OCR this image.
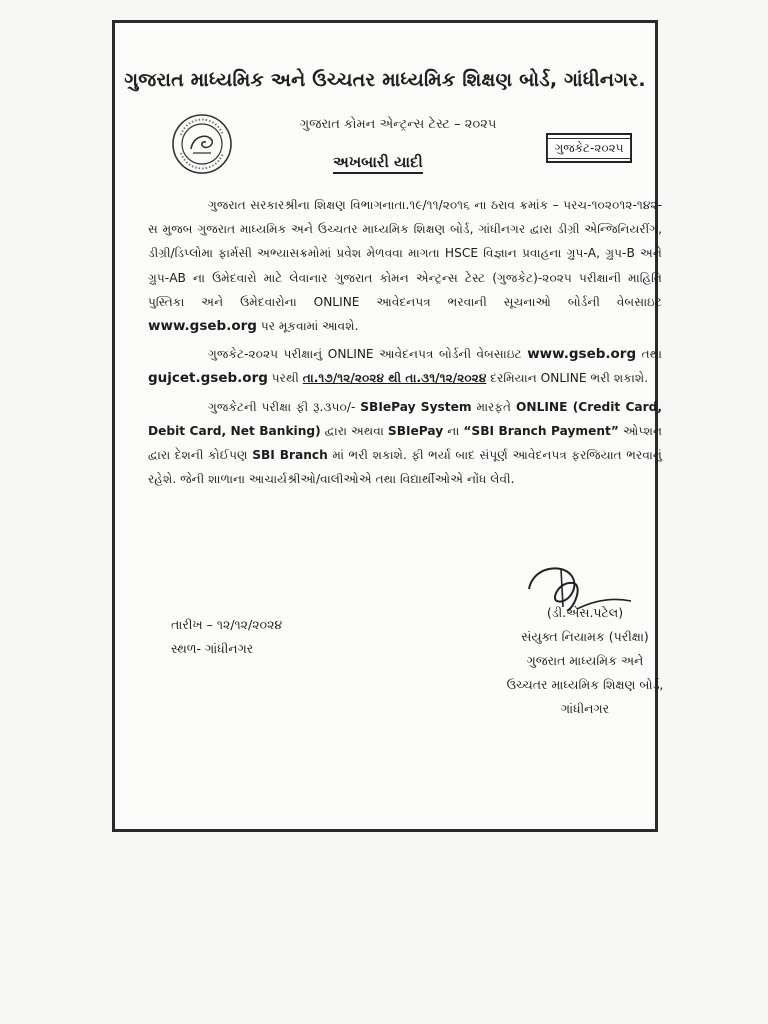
ગુજરાત માધ્યમિક અને ઉચ્ચતર માધ્યમિક શિક્ષણ બોર્ડ, ગાંધીનગર.
ગુજરાત કોમન એન્ટ્રન્સ ટેસ્ટ – ૨૦૨૫
ગુજકેટ-૨૦૨૫
અખબારી યાદી

ગુજરાત સરકારશ્રીના શિક્ષણ વિભાગનાતા.૧૯/૧૧/૨૦૧૬ ના ઠરાવ ક્રમાંક – પરચ-૧૦૨૦૧૨-૧૪૨-સ મુજબ ગુજરાત માધ્યમિક અને ઉચ્ચતર માધ્યમિક શિક્ષણ બોર્ડ, ગાંધીનગર દ્વારા ડીગ્રી એન્જિનિયરીંગ, ડીગ્રી/ડિપ્લોમા ફાર્મસી અભ્યાસક્રમોમાં પ્રવેશ મેળવવા માગતા HSCE વિજ્ઞાન પ્રવાહના ગ્રુપ-A, ગ્રુપ-B અને ગ્રુપ-AB ના ઉમેદવારો માટે લેવાનાર ગુજરાત કોમન એન્ટ્રન્સ ટેસ્ટ (ગુજકેટ)-૨૦૨૫ પરીક્ષાની માહિતિ પુસ્તિકા અને ઉમેદવારોના ONLINE આવેદનપત્ર ભરવાની સૂચનાઓ બોર્ડની વેબસાઇટ www.gseb.org પર મૂકવામાં આવશે.

ગુજકેટ-૨૦૨૫ પરીક્ષાનું ONLINE આવેદનપત્ર બોર્ડની વેબસાઇટ www.gseb.org તથા gujcet.gseb.org પરથી તા.૧૭/૧૨/૨૦૨૪ થી તા.૩૧/૧૨/૨૦૨૪ દરમિયાન ONLINE ભરી શકાશે.

ગુજકેટની પરીક્ષા ફી રૂ.૩૫૦/- SBIePay System મારફતે ONLINE (Credit Card, Debit Card, Net Banking) દ્વારા અથવા SBIePay ના “SBI Branch Payment” ઓપ્શન દ્વારા દેશની કોઈપણ SBI Branch માં ભરી શકાશે. ફી ભર્યા બાદ સંપૂર્ણ આવેદનપત્ર ફરજિયાત ભરવાનું રહેશે. જેની શાળાના આચાર્યશ્રીઓ/વાલીઓએ તથા વિદ્યાર્થીઓએ નોંધ લેવી.

તારીખ – ૧૨/૧૨/૨૦૨૪
સ્થળ- ગાંધીનગર
(ડી.એસ.પટેલ)
સંયુક્ત નિયામક (પરીક્ષા)
ગુજરાત માધ્યમિક અને
ઉચ્ચતર માધ્યમિક શિક્ષણ બોર્ડ,
ગાંધીનગર
